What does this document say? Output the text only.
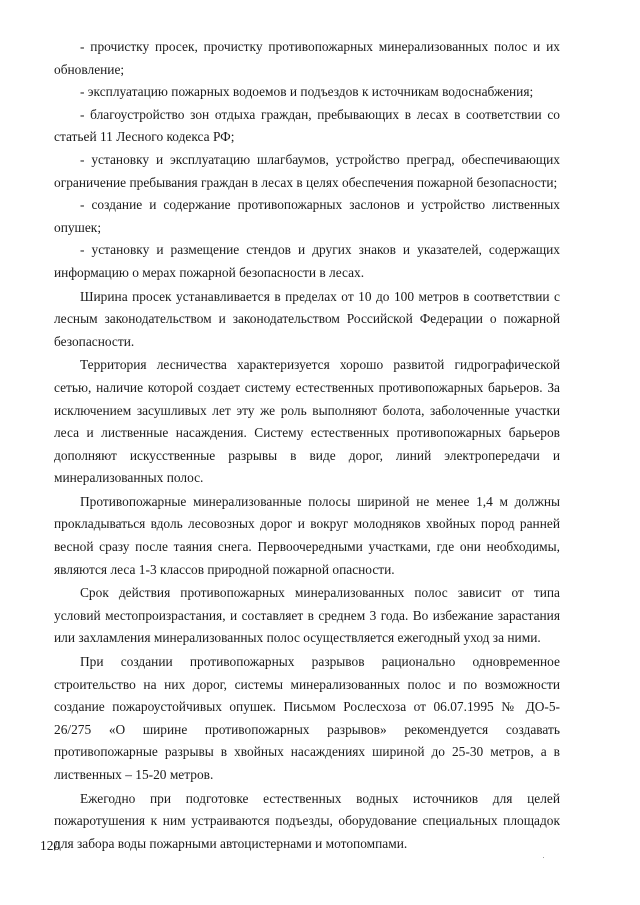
- прочистку просек, прочистку противопожарных минерализованных полос и их обновление;

- эксплуатацию пожарных водоемов и подъездов к источникам водоснабжения;

- благоустройство зон отдыха граждан, пребывающих в лесах в соответствии со статьей 11 Лесного кодекса РФ;

- установку и эксплуатацию шлагбаумов, устройство преград, обеспечивающих ограничение пребывания граждан в лесах в целях обеспечения пожарной безопасности;

- создание и содержание противопожарных заслонов и устройство лиственных опушек;

- установку и размещение стендов и других знаков и указателей, содержащих информацию о мерах пожарной безопасности в лесах.

Ширина просек устанавливается в пределах от 10 до 100 метров в соответствии с лесным законодательством и законодательством Российской Федерации о пожарной безопасности.

Территория лесничества характеризуется хорошо развитой гидрографической сетью, наличие которой создает систему естественных противопожарных барьеров. За исключением засушливых лет эту же роль выполняют болота, заболоченные участки леса и лиственные насаждения. Систему естественных противопожарных барьеров дополняют искусственные разрывы в виде дорог, линий электропередачи и минерализованных полос.

Противопожарные минерализованные полосы шириной не менее 1,4 м должны прокладываться вдоль лесовозных дорог и вокруг молодняков хвойных пород ранней весной сразу после таяния снега. Первоочередными участками, где они необходимы, являются леса 1-3 классов природной пожарной опасности.

Срок действия противопожарных минерализованных полос зависит от типа условий местопроизрастания, и составляет в среднем 3 года. Во избежание зарастания или захламления минерализованных полос осуществляется ежегодный уход за ними.

При создании противопожарных разрывов рационально одновременное строительство на них дорог, системы минерализованных полос и по возможности создание пожароустойчивых опушек. Письмом Рослесхоза от 06.07.1995 № ДО-5-26/275 «О ширине противопожарных разрывов» рекомендуется создавать противопожарные разрывы в хвойных насаждениях шириной до 25-30 метров, а в лиственных – 15-20 метров.

Ежегодно при подготовке естественных водных источников для целей пожаротушения к ним устраиваются подъезды, оборудование специальных площадок для забора воды пожарными автоцистернами и мотопомпами.

120
